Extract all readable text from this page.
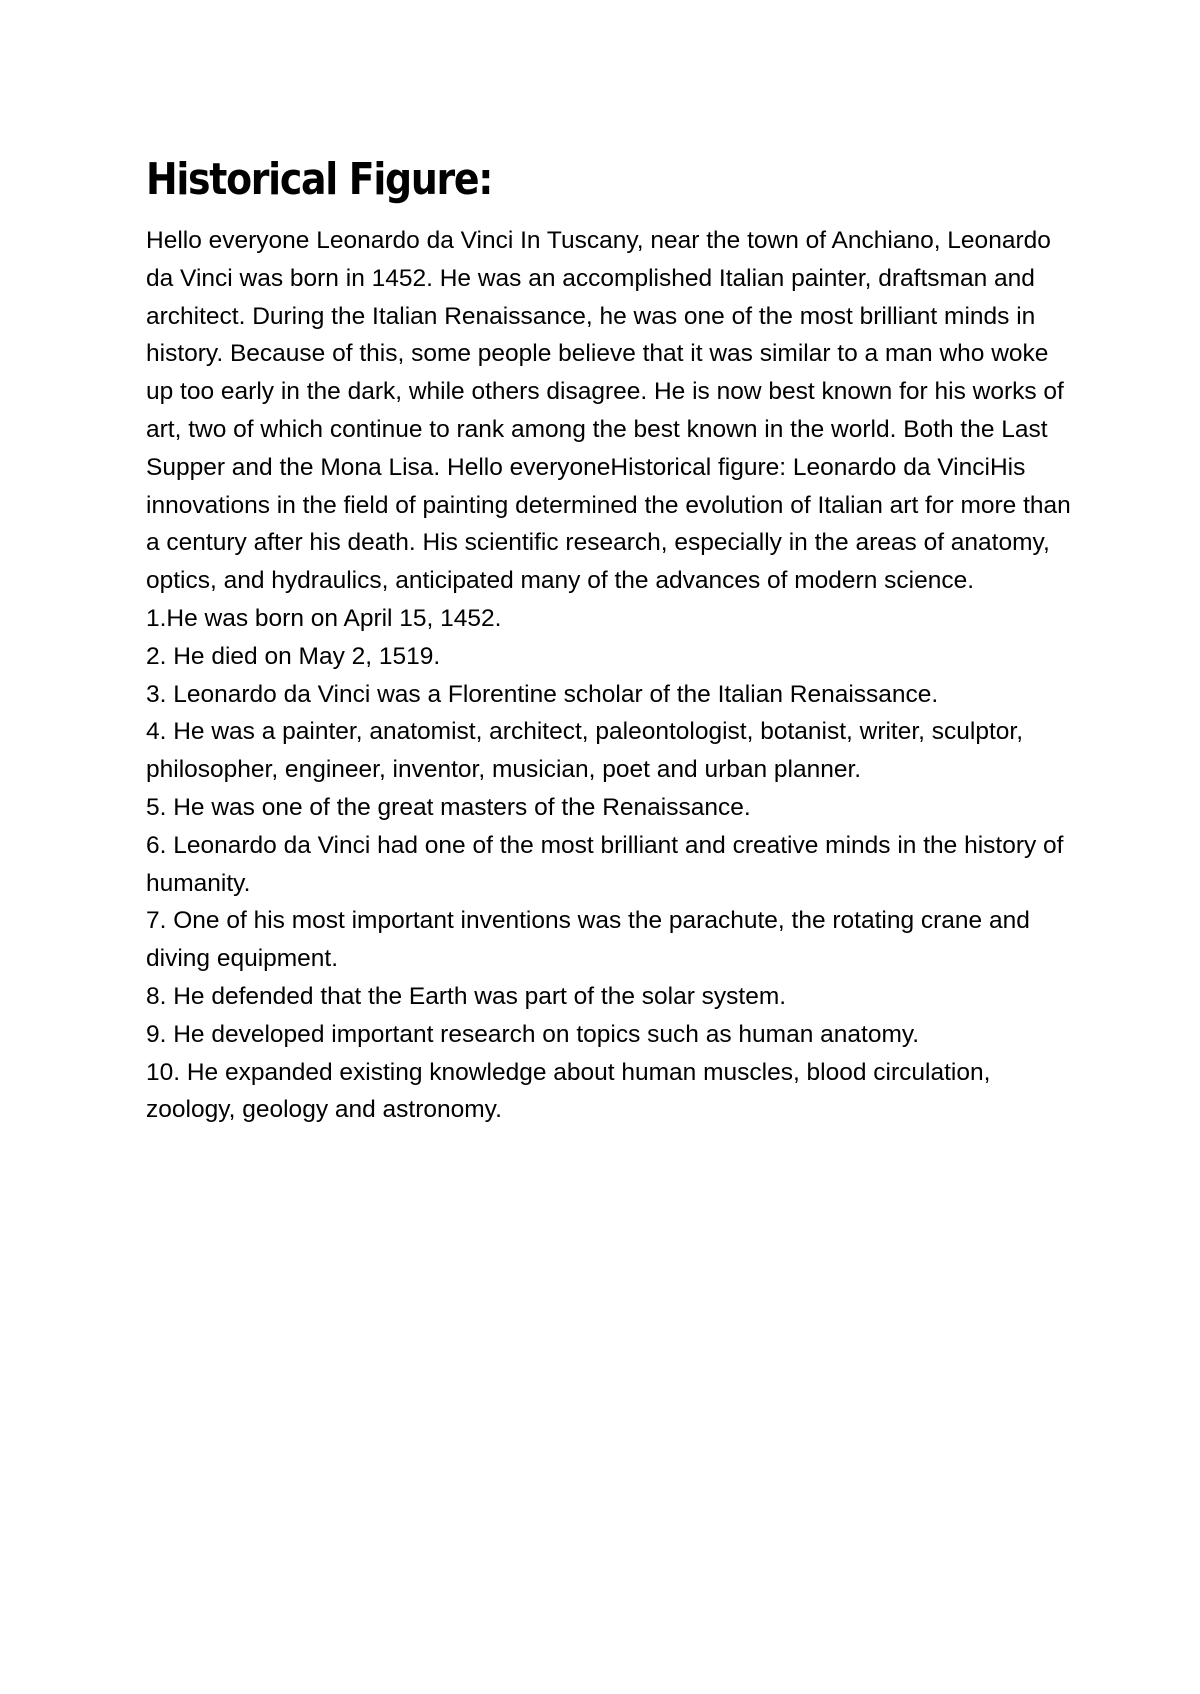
Historical Figure:

Hello everyone Leonardo da Vinci In Tuscany, near the town of Anchiano, Leonardo da Vinci was born in 1452. He was an accomplished Italian painter, draftsman and architect. During the Italian Renaissance, he was one of the most brilliant minds in history. Because of this, some people believe that it was similar to a man who woke up too early in the dark, while others disagree. He is now best known for his works of art, two of which continue to rank among the best known in the world. Both the Last Supper and the Mona Lisa. Hello everyoneHistorical figure: Leonardo da VinciHis innovations in the field of painting determined the evolution of Italian art for more than a century after his death. His scientific research, especially in the areas of anatomy, optics, and hydraulics, anticipated many of the advances of modern science.

1.He was born on April 15, 1452.

2. He died on May 2, 1519.

3. Leonardo da Vinci was a Florentine scholar of the Italian Renaissance.

4. He was a painter, anatomist, architect, paleontologist, botanist, writer, sculptor, philosopher, engineer, inventor, musician, poet and urban planner.

5. He was one of the great masters of the Renaissance.

6. Leonardo da Vinci had one of the most brilliant and creative minds in the history of humanity.

7. One of his most important inventions was the parachute, the rotating crane and diving equipment.

8. He defended that the Earth was part of the solar system.

9. He developed important research on topics such as human anatomy.

10. He expanded existing knowledge about human muscles, blood circulation, zoology, geology and astronomy.
